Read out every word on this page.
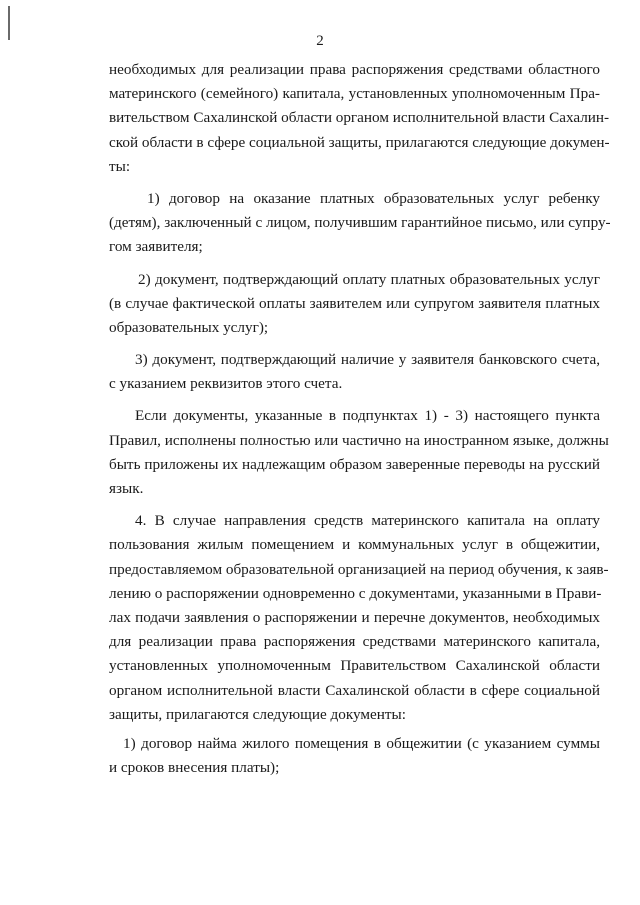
2
необходимых для реализации права распоряжения средствами областного
материнского (семейного) капитала, установленных уполномоченным Пра-
вительством Сахалинской области органом исполнительной власти Сахалин-
ской области в сфере социальной защиты, прилагаются следующие докумен-
ты:
1) договор на оказание платных образовательных услуг ребенку
(детям), заключенный с лицом, получившим гарантийное письмо, или супру-
гом заявителя;
2) документ, подтверждающий оплату платных образовательных услуг
(в случае фактической оплаты заявителем или супругом заявителя платных
образовательных услуг);
3) документ, подтверждающий наличие у заявителя банковского счета,
с указанием реквизитов этого счета.
Если документы, указанные в подпунктах 1) - 3) настоящего пункта
Правил, исполнены полностью или частично на иностранном языке, должны
быть приложены их надлежащим образом заверенные переводы на русский
язык.
4. В случае направления средств материнского капитала на оплату
пользования жилым помещением и коммунальных услуг в общежитии,
предоставляемом образовательной организацией на период обучения, к заяв-
лению о распоряжении одновременно с документами, указанными в Прави-
лах подачи заявления о распоряжении и перечне документов, необходимых
для реализации права распоряжения средствами материнского капитала,
установленных уполномоченным Правительством Сахалинской области
органом исполнительной власти Сахалинской области в сфере социальной
защиты, прилагаются следующие документы:
1) договор найма жилого помещения в общежитии (с указанием суммы
и сроков внесения платы);
